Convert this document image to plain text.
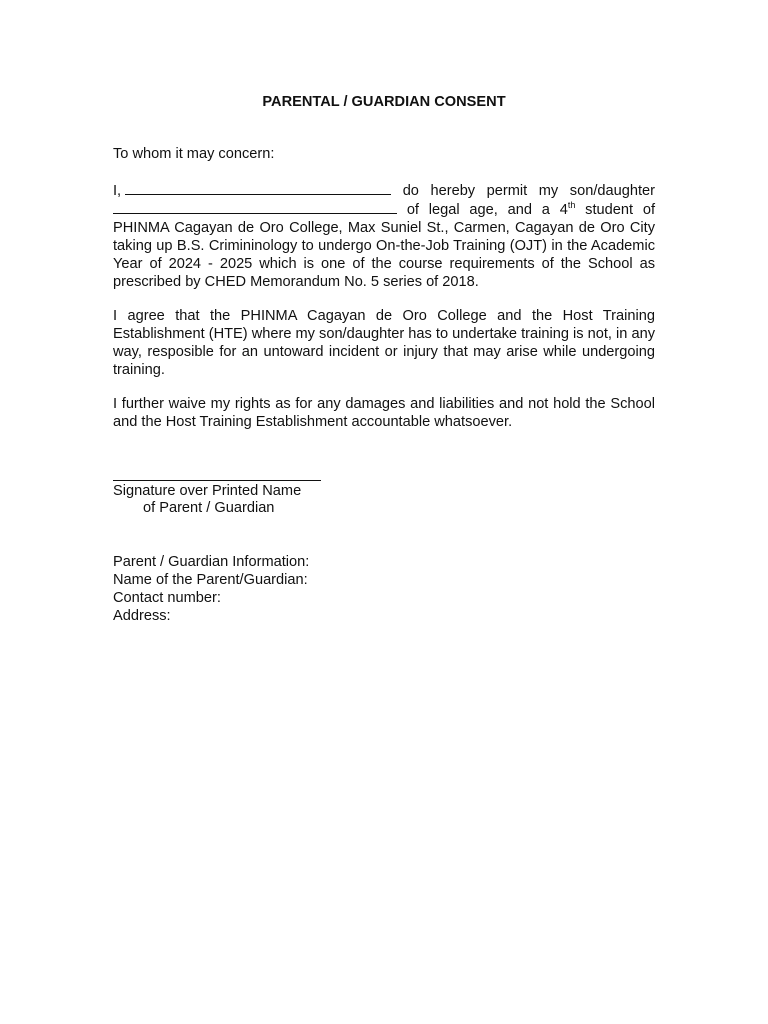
PARENTAL / GUARDIAN CONSENT
To whom it may concern:
I,	do hereby permit my son/daughter  of legal age, and a 4th student of PHINMA Cagayan de Oro College, Max Suniel St., Carmen, Cagayan de Oro City taking up B.S. Crimininology to undergo On-the-Job Training (OJT) in the Academic Year of 2024 - 2025 which is one of the course requirements of the School as prescribed by CHED Memorandum No. 5 series of 2018.
I agree that the PHINMA Cagayan de Oro College and the Host Training Establishment (HTE) where my son/daughter has to undertake training is not, in any way, resposible for an untoward incident or injury that may arise while undergoing training.
I further waive my rights as for any damages and liabilities and not hold the School and the Host Training Establishment accountable whatsoever.
Signature over Printed Name
of Parent / Guardian
Parent / Guardian Information:
Name of the Parent/Guardian:
Contact number:
Address:
